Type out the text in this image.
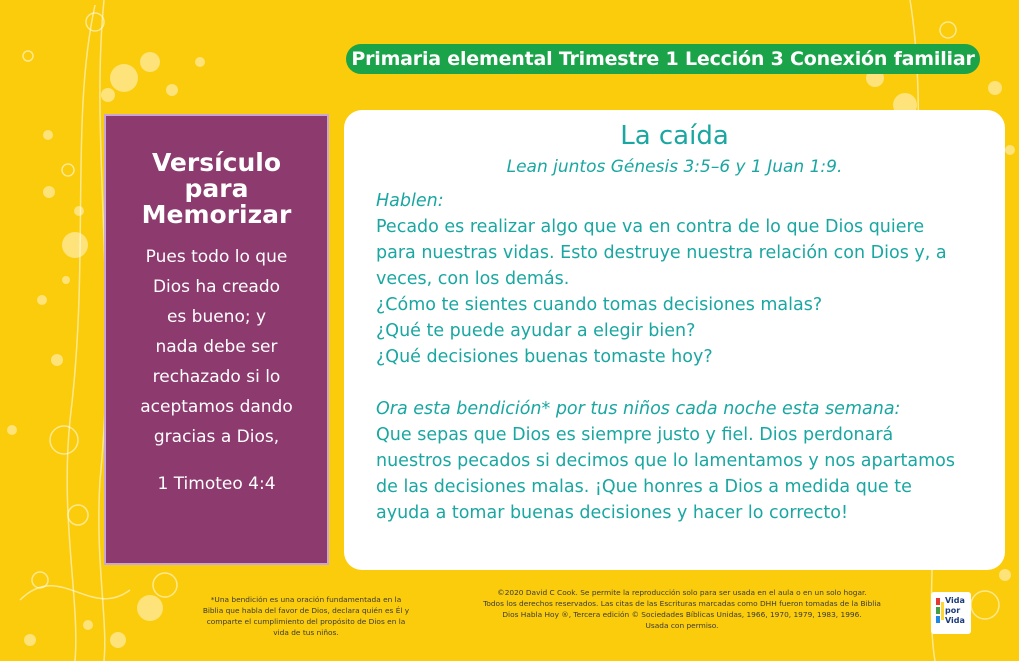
Primaria elemental Trimestre 1 Lección 3 Conexión familiar
Versículo
para
Memorizar
Pues todo lo que
Dios ha creado
es bueno; y
nada debe ser
rechazado si lo
aceptamos dando
gracias a Dios,
1 Timoteo 4:4
La caída
Lean juntos Génesis 3:5–6 y 1 Juan 1:9.
Hablen:
Pecado es realizar algo que va en contra de lo que Dios quiere
para nuestras vidas. Esto destruye nuestra relación con Dios y, a
veces, con los demás.
¿Cómo te sientes cuando tomas decisiones malas?
¿Qué te puede ayudar a elegir bien?
¿Qué decisiones buenas tomaste hoy?
Ora esta bendición* por tus niños cada noche esta semana:
Que sepas que Dios es siempre justo y fiel. Dios perdonará
nuestros pecados si decimos que lo lamentamos y nos apartamos
de las decisiones malas. ¡Que honres a Dios a medida que te
ayuda a tomar buenas decisiones y hacer lo correcto!
*Una bendición es una oración fundamentada en la
Biblia que habla del favor de Dios, declara quién es Él y
comparte el cumplimiento del propósito de Dios en la
vida de tus niños.
©2020 David C Cook. Se permite la reproducción solo para ser usada en el aula o en un solo hogar.
Todos los derechos reservados. Las citas de las Escrituras marcadas como DHH fueron tomadas de la Biblia
Dios Habla Hoy ®, Tercera edición © Sociedades Bíblicas Unidas, 1966, 1970, 1979, 1983, 1996.
Usada con permiso.
Vida
por
Vida
